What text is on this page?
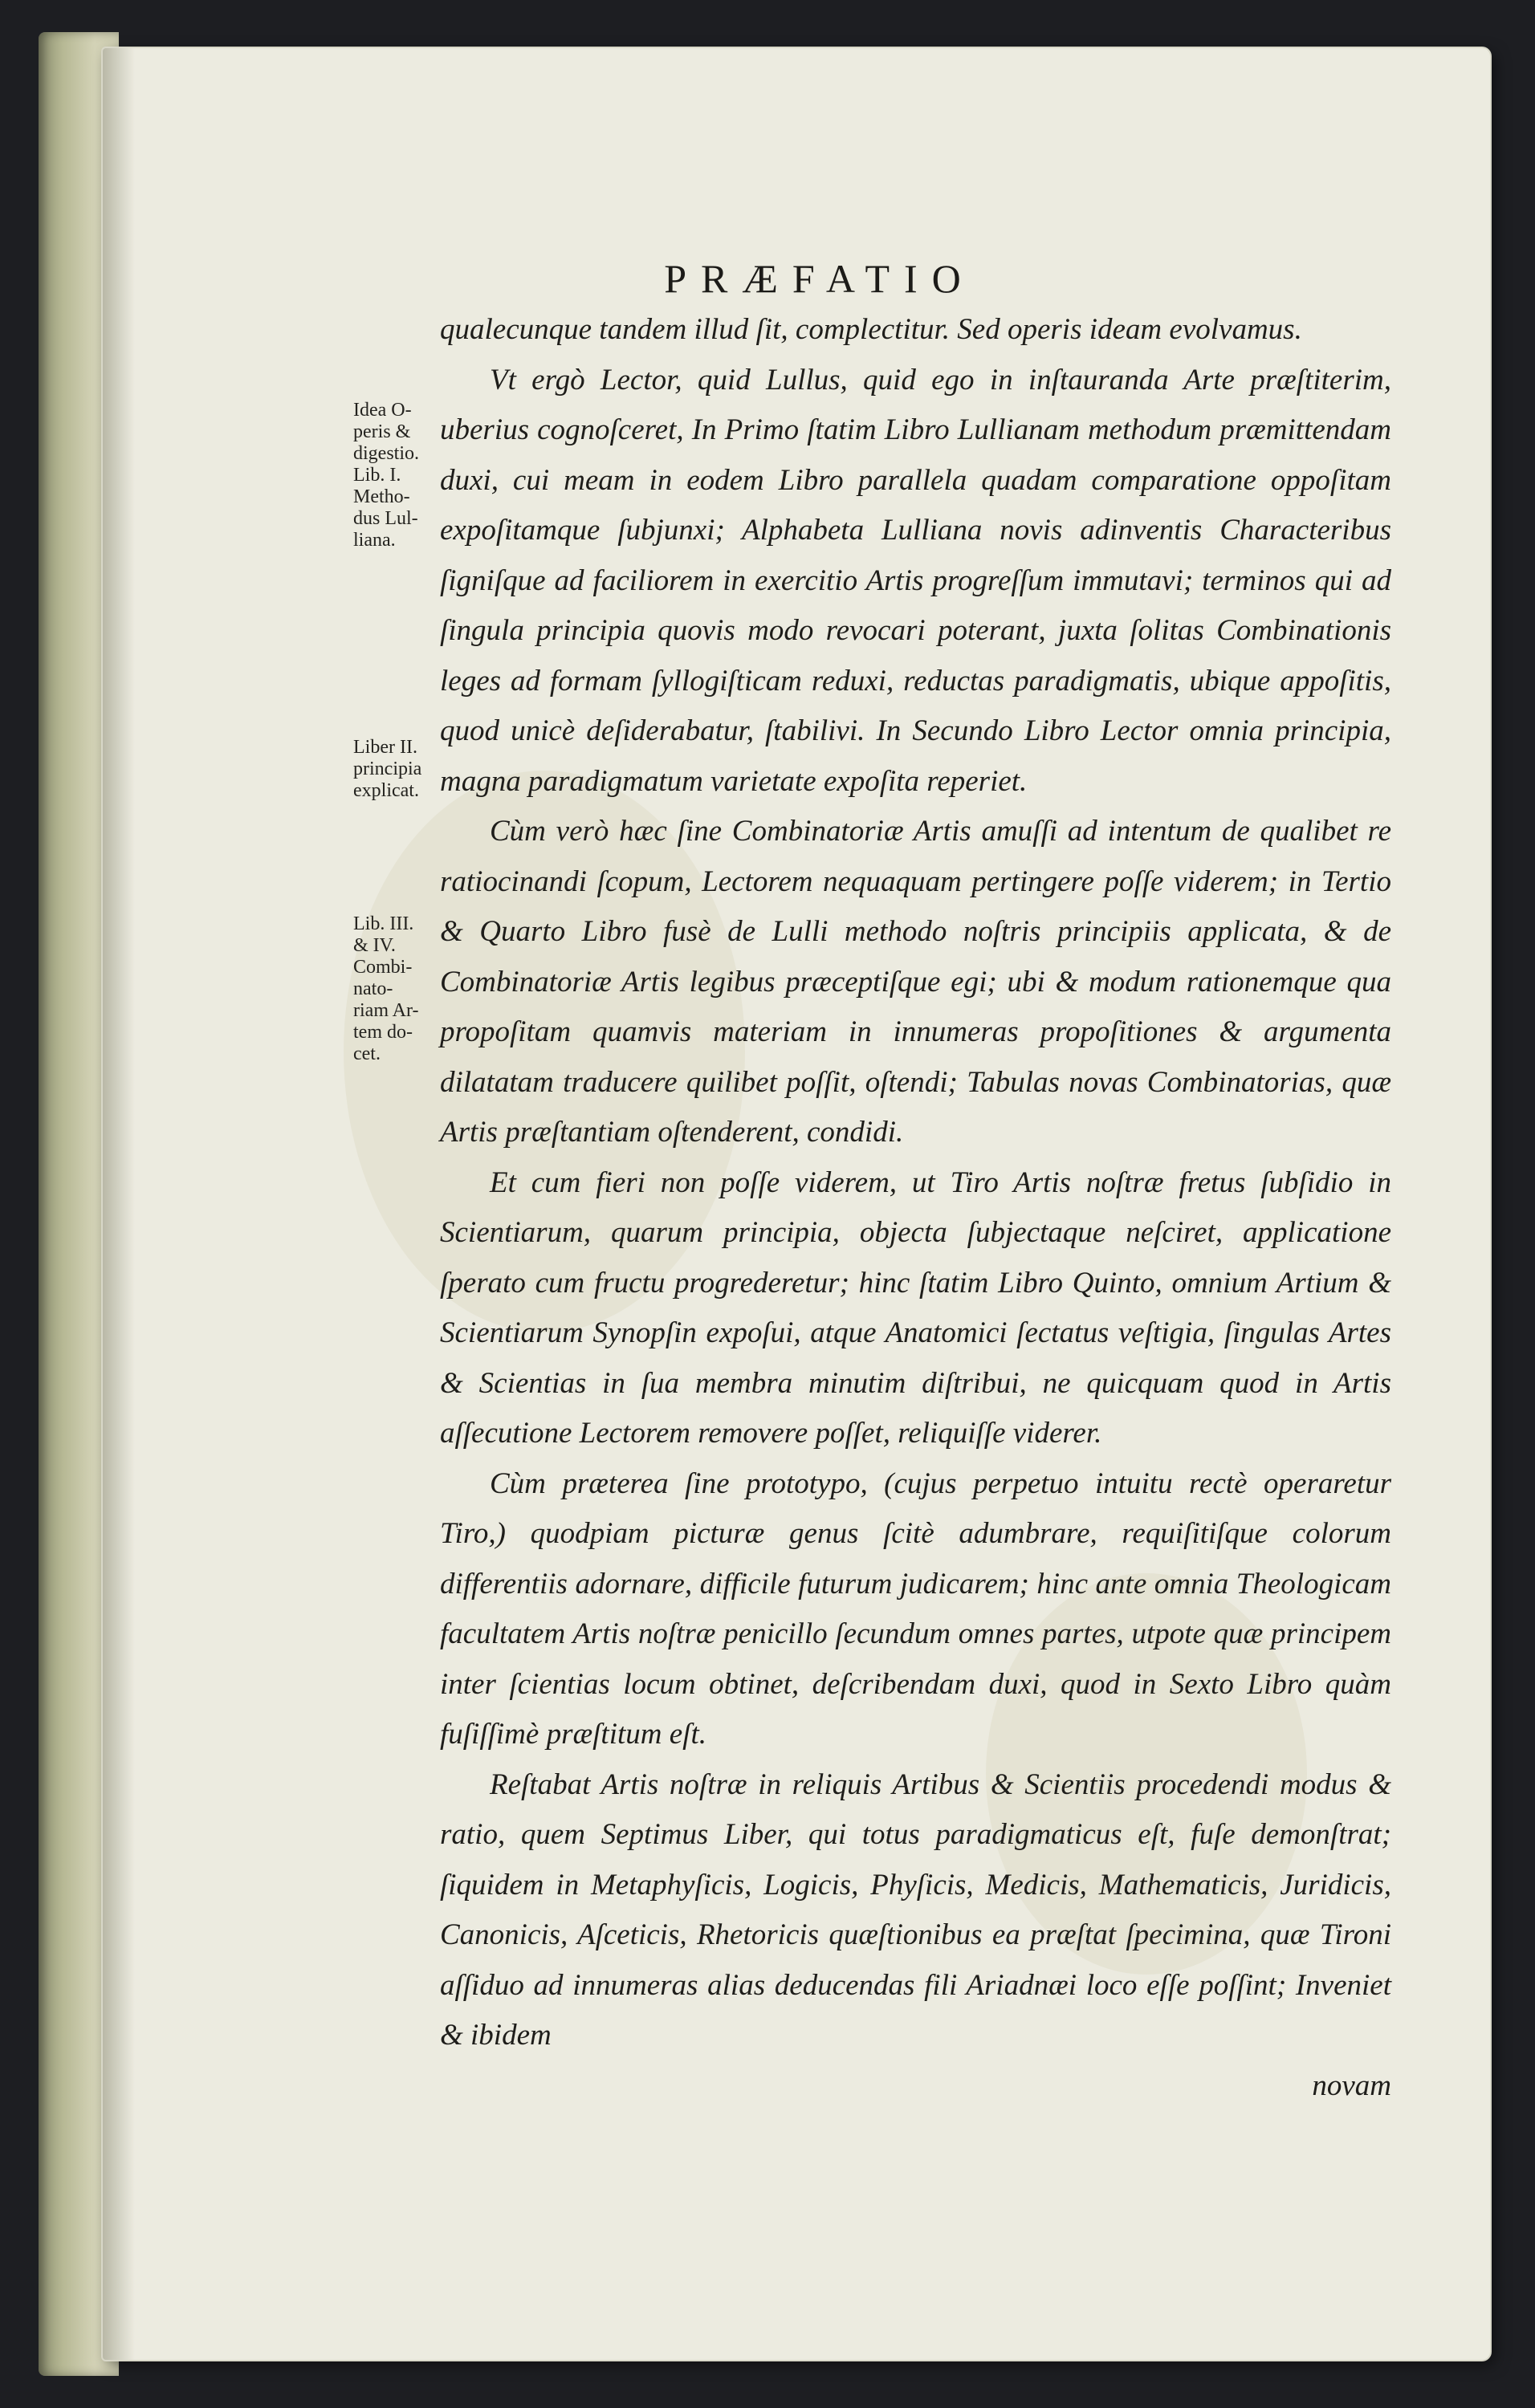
PRÆFATIO
Idea O-
peris &
digestio.
Lib. I.
Metho-
dus Lul-
liana.
Liber II.
principia
explicat.
Lib. III.
& IV.
Combi-
nato-
riam Ar-
tem do-
cet.

qualecunque tandem illud ſit, complectitur. Sed operis ideam evolvamus.

Vt ergò Lector, quid Lullus, quid ego in inſtauranda Arte præſtiterim, uberius cognoſceret, In Primo ſtatim Libro Lullianam methodum præmittendam duxi, cui meam in eodem Libro parallela quadam comparatione oppoſitam expoſitamque ſubjunxi; Alphabeta Lulliana novis adinventis Characteribus ſigniſque ad faciliorem in exercitio Artis progreſſum immutavi; terminos qui ad ſingula principia quovis modo revocari poterant, juxta ſolitas Combinationis leges ad formam ſyllogiſticam reduxi, reductas paradigmatis, ubique appoſitis, quod unicè deſiderabatur, ſtabilivi. In Secundo Libro Lector omnia principia, magna paradigmatum varietate expoſita reperiet.

Cùm verò hæc ſine Combinatoriæ Artis amuſſi ad intentum de qualibet re ratiocinandi ſcopum, Lectorem nequaquam pertingere poſſe viderem; in Tertio & Quarto Libro fusè de Lulli methodo noſtris principiis applicata, & de Combinatoriæ Artis legibus præceptiſque egi; ubi & modum rationemque qua propoſitam quamvis materiam in innumeras propoſitiones & argumenta dilatatam traducere quilibet poſſit, oſtendi; Tabulas novas Combinatorias, quæ Artis præſtantiam oſtenderent, condidi.

Et cum fieri non poſſe viderem, ut Tiro Artis noſtræ fretus ſubſidio in Scientiarum, quarum principia, objecta ſubjectaque neſciret, applicatione ſperato cum fructu progrederetur; hinc ſtatim Libro Quinto, omnium Artium & Scientiarum Synopſin expoſui, atque Anatomici ſectatus veſtigia, ſingulas Artes & Scientias in ſua membra minutim diſtribui, ne quicquam quod in Artis aſſecutione Lectorem removere poſſet, reliquiſſe viderer.

Cùm præterea ſine prototypo, (cujus perpetuo intuitu rectè operaretur Tiro,) quodpiam picturæ genus ſcitè adumbrare, requiſitiſque colorum differentiis adornare, difficile futurum judicarem; hinc ante omnia Theologicam facultatem Artis noſtræ penicillo ſecundum omnes partes, utpote quæ principem inter ſcientias locum obtinet, deſcribendam duxi, quod in Sexto Libro quàm fuſiſſimè præſtitum eſt.

Reſtabat Artis noſtræ in reliquis Artibus & Scientiis procedendi modus & ratio, quem Septimus Liber, qui totus paradigmaticus eſt, fuſe demonſtrat; ſiquidem in Metaphyſicis, Logicis, Phyſicis, Medicis, Mathematicis, Juridicis, Canonicis, Aſceticis, Rhetoricis quæſtionibus ea præſtat ſpecimina, quæ Tironi aſſiduo ad innumeras alias deducendas fili Ariadnæi loco eſſe poſſint; Inveniet & ibidem

novam
